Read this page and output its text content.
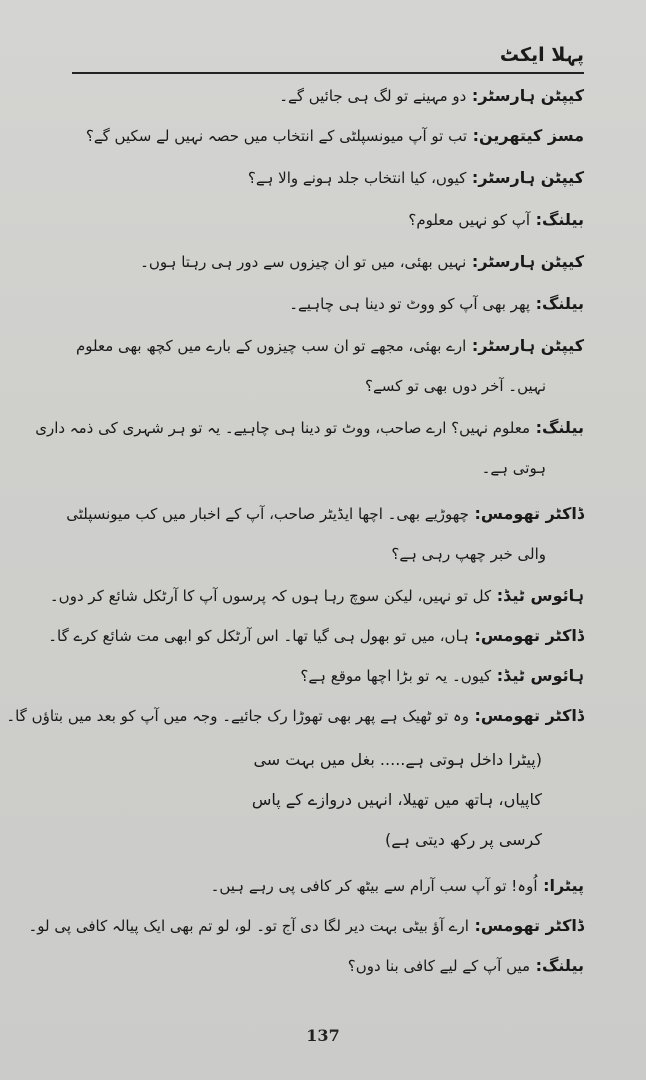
پہلا ایکٹ
کیپٹن ہارسٹر: دو مہینے تو لگ ہی جائیں گے۔
مسز کیتھرین: تب تو آپ میونسپلٹی کے انتخاب میں حصہ نہیں لے سکیں گے؟
کیپٹن ہارسٹر: کیوں، کیا انتخاب جلد ہونے والا ہے؟
بیلنگ: آپ کو نہیں معلوم؟
کیپٹن ہارسٹر: نہیں بھئی، میں تو ان چیزوں سے دور ہی رہتا ہوں۔
بیلنگ: پھر بھی آپ کو ووٹ تو دینا ہی چاہیے۔
کیپٹن ہارسٹر: ارے بھئی، مجھے تو ان سب چیزوں کے بارے میں کچھ بھی معلوم
نہیں۔ آخر دوں بھی تو کسے؟
بیلنگ: معلوم نہیں؟ ارے صاحب، ووٹ تو دینا ہی چاہیے۔ یہ تو ہر شہری کی ذمہ داری
ہوتی ہے۔
ڈاکٹر تھومس: چھوڑیے بھی۔ اچھا ایڈیٹر صاحب، آپ کے اخبار میں کب میونسپلٹی
والی خبر چھپ رہی ہے؟
ہائوس ٹیڈ: کل تو نہیں، لیکن سوچ رہا ہوں کہ پرسوں آپ کا آرٹکل شائع کر دوں۔
ڈاکٹر تھومس: ہاں، میں تو بھول ہی گیا تھا۔ اس آرٹکل کو ابھی مت شائع کرے گا۔
ہائوس ٹیڈ: کیوں۔ یہ تو بڑا اچھا موقع ہے؟
ڈاکٹر تھومس: وہ تو ٹھیک ہے پھر بھی تھوڑا رک جائیے۔ وجہ میں آپ کو بعد میں بتاؤں گا۔
(پیٹرا داخل ہوتی ہے..... بغل میں بہت سی
کاپیاں، ہاتھ میں تھیلا، انہیں دروازے کے پاس
کرسی پر رکھ دیتی ہے)
پیٹرا: اُوہ! تو آپ سب آرام سے بیٹھ کر کافی پی رہے ہیں۔
ڈاکٹر تھومس: ارے آؤ بیٹی بہت دیر لگا دی آج تو۔ لو، لو تم بھی ایک پیالہ کافی پی لو۔
بیلنگ: میں آپ کے لیے کافی بنا دوں؟
137
